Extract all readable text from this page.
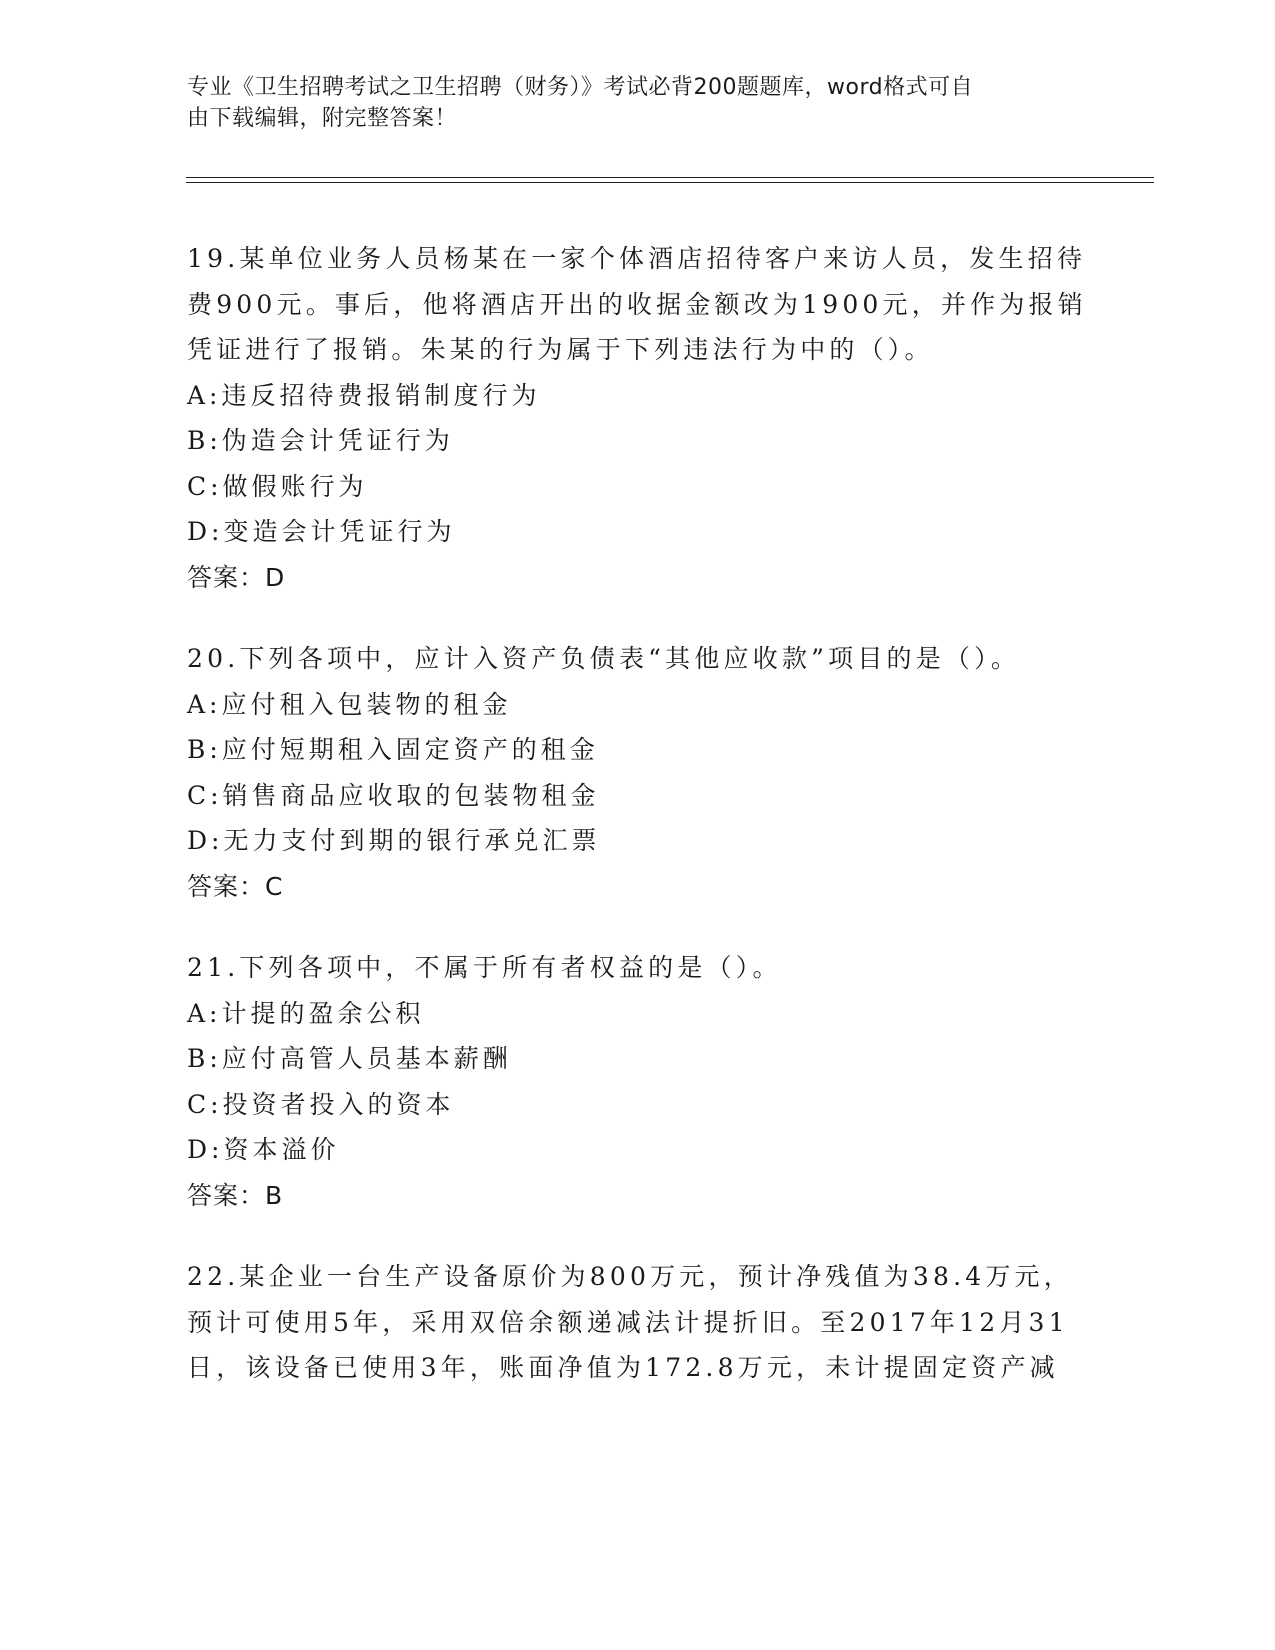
专业《卫生招聘考试之卫生招聘（财务）》考试必背200题题库，word格式可自
由下载编辑，附完整答案！
19.某单位业务人员杨某在一家个体酒店招待客户来访人员，发生招待
费900元。事后，他将酒店开出的收据金额改为1900元，并作为报销
凭证进行了报销。朱某的行为属于下列违法行为中的（）。
A:违反招待费报销制度行为
B:伪造会计凭证行为
C:做假账行为
D:变造会计凭证行为
答案：D
20.下列各项中，应计入资产负债表“其他应收款”项目的是（）。
A:应付租入包装物的租金
B:应付短期租入固定资产的租金
C:销售商品应收取的包装物租金
D:无力支付到期的银行承兑汇票
答案：C
21.下列各项中，不属于所有者权益的是（）。
A:计提的盈余公积
B:应付高管人员基本薪酬
C:投资者投入的资本
D:资本溢价
答案：B
22.某企业一台生产设备原价为800万元，预计净残值为38.4万元，
预计可使用5年，采用双倍余额递减法计提折旧。至2017年12月31
日，该设备已使用3年，账面净值为172.8万元，未计提固定资产减
